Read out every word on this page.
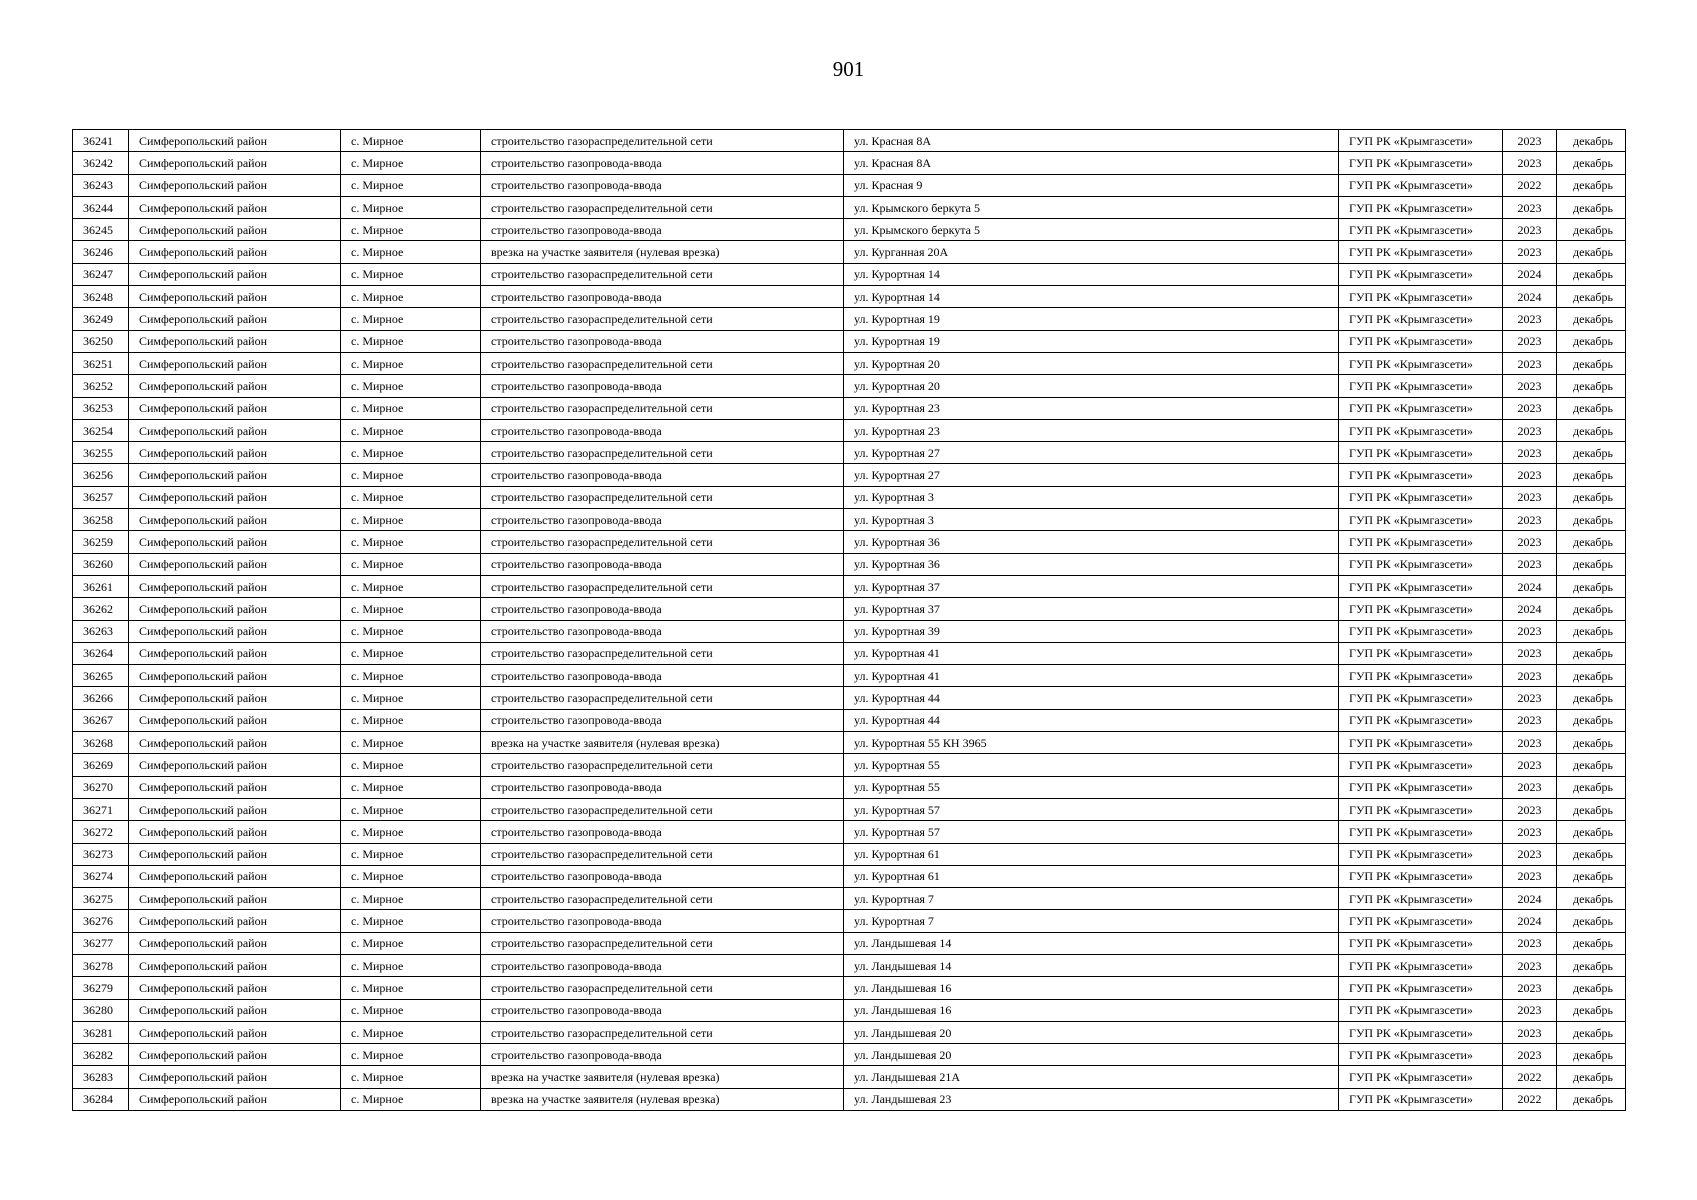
901
36241	Симферопольский район	с. Мирное	строительство газораспределительной сети	ул. Красная 8А	ГУП РК «Крымгазсети»	2023	декабрь
36242	Симферопольский район	с. Мирное	строительство газопровода-ввода	ул. Красная 8А	ГУП РК «Крымгазсети»	2023	декабрь
36243	Симферопольский район	с. Мирное	строительство газопровода-ввода	ул. Красная 9	ГУП РК «Крымгазсети»	2022	декабрь
36244	Симферопольский район	с. Мирное	строительство газораспределительной сети	ул. Крымского беркута 5	ГУП РК «Крымгазсети»	2023	декабрь
36245	Симферопольский район	с. Мирное	строительство газопровода-ввода	ул. Крымского беркута 5	ГУП РК «Крымгазсети»	2023	декабрь
36246	Симферопольский район	с. Мирное	врезка на участке заявителя (нулевая врезка)	ул. Курганная 20А	ГУП РК «Крымгазсети»	2023	декабрь
36247	Симферопольский район	с. Мирное	строительство газораспределительной сети	ул. Курортная 14	ГУП РК «Крымгазсети»	2024	декабрь
36248	Симферопольский район	с. Мирное	строительство газопровода-ввода	ул. Курортная 14	ГУП РК «Крымгазсети»	2024	декабрь
36249	Симферопольский район	с. Мирное	строительство газораспределительной сети	ул. Курортная 19	ГУП РК «Крымгазсети»	2023	декабрь
36250	Симферопольский район	с. Мирное	строительство газопровода-ввода	ул. Курортная 19	ГУП РК «Крымгазсети»	2023	декабрь
36251	Симферопольский район	с. Мирное	строительство газораспределительной сети	ул. Курортная 20	ГУП РК «Крымгазсети»	2023	декабрь
36252	Симферопольский район	с. Мирное	строительство газопровода-ввода	ул. Курортная 20	ГУП РК «Крымгазсети»	2023	декабрь
36253	Симферопольский район	с. Мирное	строительство газораспределительной сети	ул. Курортная 23	ГУП РК «Крымгазсети»	2023	декабрь
36254	Симферопольский район	с. Мирное	строительство газопровода-ввода	ул. Курортная 23	ГУП РК «Крымгазсети»	2023	декабрь
36255	Симферопольский район	с. Мирное	строительство газораспределительной сети	ул. Курортная 27	ГУП РК «Крымгазсети»	2023	декабрь
36256	Симферопольский район	с. Мирное	строительство газопровода-ввода	ул. Курортная 27	ГУП РК «Крымгазсети»	2023	декабрь
36257	Симферопольский район	с. Мирное	строительство газораспределительной сети	ул. Курортная 3	ГУП РК «Крымгазсети»	2023	декабрь
36258	Симферопольский район	с. Мирное	строительство газопровода-ввода	ул. Курортная 3	ГУП РК «Крымгазсети»	2023	декабрь
36259	Симферопольский район	с. Мирное	строительство газораспределительной сети	ул. Курортная 36	ГУП РК «Крымгазсети»	2023	декабрь
36260	Симферопольский район	с. Мирное	строительство газопровода-ввода	ул. Курортная 36	ГУП РК «Крымгазсети»	2023	декабрь
36261	Симферопольский район	с. Мирное	строительство газораспределительной сети	ул. Курортная 37	ГУП РК «Крымгазсети»	2024	декабрь
36262	Симферопольский район	с. Мирное	строительство газопровода-ввода	ул. Курортная 37	ГУП РК «Крымгазсети»	2024	декабрь
36263	Симферопольский район	с. Мирное	строительство газопровода-ввода	ул. Курортная 39	ГУП РК «Крымгазсети»	2023	декабрь
36264	Симферопольский район	с. Мирное	строительство газораспределительной сети	ул. Курортная 41	ГУП РК «Крымгазсети»	2023	декабрь
36265	Симферопольский район	с. Мирное	строительство газопровода-ввода	ул. Курортная 41	ГУП РК «Крымгазсети»	2023	декабрь
36266	Симферопольский район	с. Мирное	строительство газораспределительной сети	ул. Курортная 44	ГУП РК «Крымгазсети»	2023	декабрь
36267	Симферопольский район	с. Мирное	строительство газопровода-ввода	ул. Курортная 44	ГУП РК «Крымгазсети»	2023	декабрь
36268	Симферопольский район	с. Мирное	врезка на участке заявителя (нулевая врезка)	ул. Курортная 55 КН 3965	ГУП РК «Крымгазсети»	2023	декабрь
36269	Симферопольский район	с. Мирное	строительство газораспределительной сети	ул. Курортная 55	ГУП РК «Крымгазсети»	2023	декабрь
36270	Симферопольский район	с. Мирное	строительство газопровода-ввода	ул. Курортная 55	ГУП РК «Крымгазсети»	2023	декабрь
36271	Симферопольский район	с. Мирное	строительство газораспределительной сети	ул. Курортная 57	ГУП РК «Крымгазсети»	2023	декабрь
36272	Симферопольский район	с. Мирное	строительство газопровода-ввода	ул. Курортная 57	ГУП РК «Крымгазсети»	2023	декабрь
36273	Симферопольский район	с. Мирное	строительство газораспределительной сети	ул. Курортная 61	ГУП РК «Крымгазсети»	2023	декабрь
36274	Симферопольский район	с. Мирное	строительство газопровода-ввода	ул. Курортная 61	ГУП РК «Крымгазсети»	2023	декабрь
36275	Симферопольский район	с. Мирное	строительство газораспределительной сети	ул. Курортная 7	ГУП РК «Крымгазсети»	2024	декабрь
36276	Симферопольский район	с. Мирное	строительство газопровода-ввода	ул. Курортная 7	ГУП РК «Крымгазсети»	2024	декабрь
36277	Симферопольский район	с. Мирное	строительство газораспределительной сети	ул. Ландышевая 14	ГУП РК «Крымгазсети»	2023	декабрь
36278	Симферопольский район	с. Мирное	строительство газопровода-ввода	ул. Ландышевая 14	ГУП РК «Крымгазсети»	2023	декабрь
36279	Симферопольский район	с. Мирное	строительство газораспределительной сети	ул. Ландышевая 16	ГУП РК «Крымгазсети»	2023	декабрь
36280	Симферопольский район	с. Мирное	строительство газопровода-ввода	ул. Ландышевая 16	ГУП РК «Крымгазсети»	2023	декабрь
36281	Симферопольский район	с. Мирное	строительство газораспределительной сети	ул. Ландышевая 20	ГУП РК «Крымгазсети»	2023	декабрь
36282	Симферопольский район	с. Мирное	строительство газопровода-ввода	ул. Ландышевая 20	ГУП РК «Крымгазсети»	2023	декабрь
36283	Симферопольский район	с. Мирное	врезка на участке заявителя (нулевая врезка)	ул. Ландышевая 21А	ГУП РК «Крымгазсети»	2022	декабрь
36284	Симферопольский район	с. Мирное	врезка на участке заявителя (нулевая врезка)	ул. Ландышевая 23	ГУП РК «Крымгазсети»	2022	декабрь
